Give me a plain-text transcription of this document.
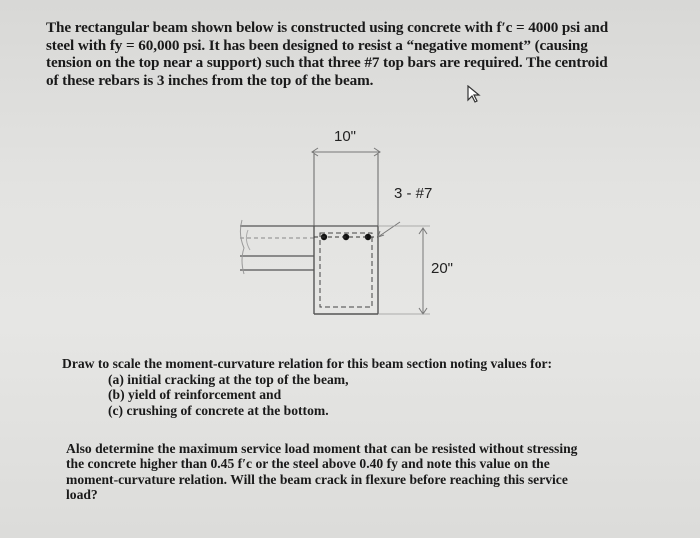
The rectangular beam shown below is constructed using concrete with f′c = 4000 psi and

steel with fy = 60,000 psi. It has been designed to resist a “negative moment” (causing

tension on the top near a support) such that three #7 top bars are required. The centroid

of these rebars is 3 inches from the top of the beam.

10"
3 - #7
20"
Draw to scale the moment-curvature relation for this beam section noting values for:
(a) initial cracking at the top of the beam,
(b) yield of reinforcement and
(c) crushing of concrete at the bottom.

Also determine the maximum service load moment that can be resisted without stressing

the concrete higher than 0.45 f′c or the steel above 0.40 fy and note this value on the

moment-curvature relation. Will the beam crack in flexure before reaching this service

load?
